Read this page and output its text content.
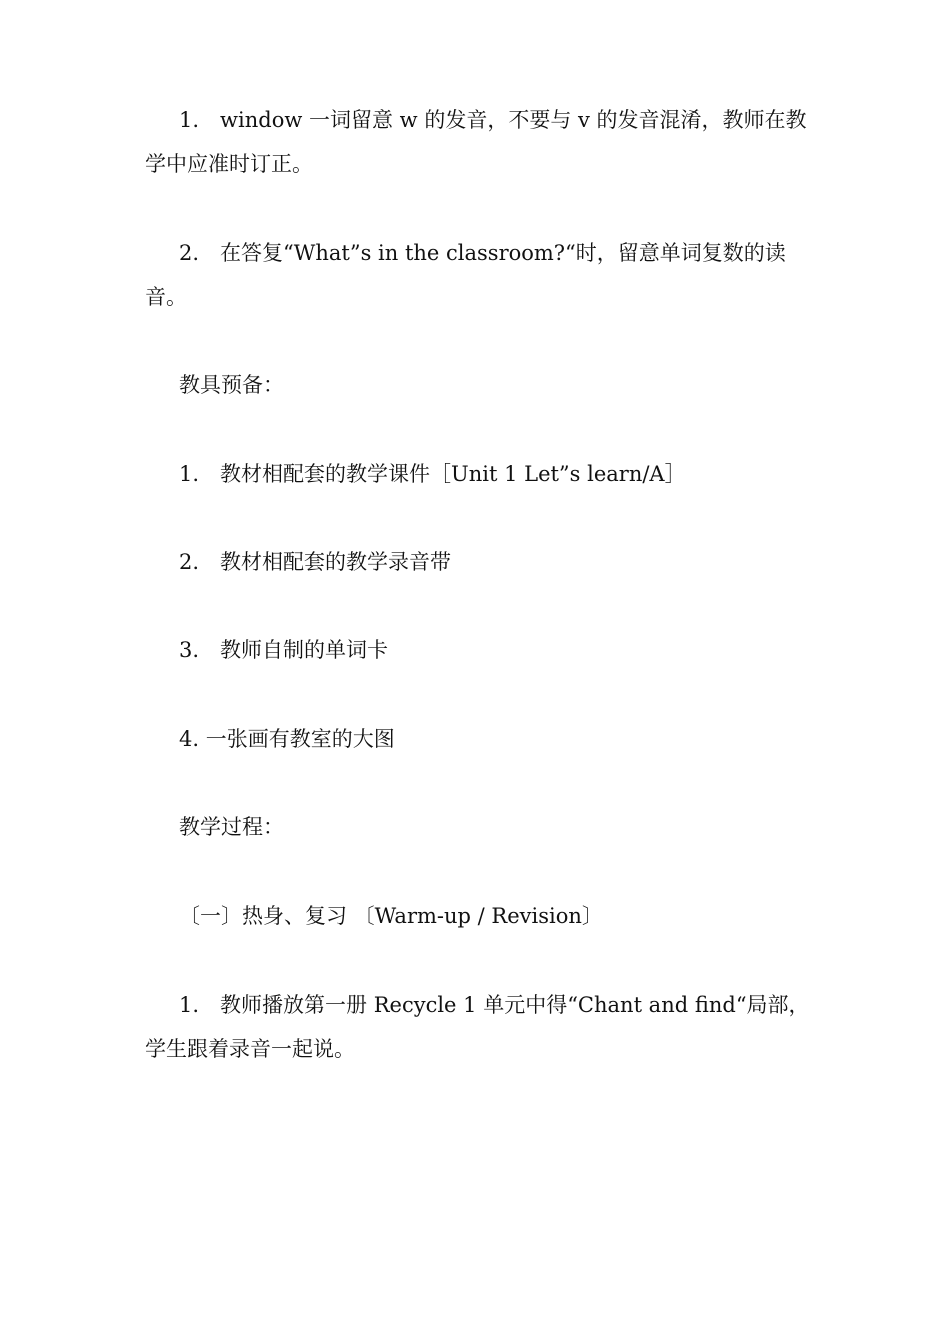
1.　window 一词留意 w 的发音，不要与 v 的发音混淆，教师在教学中应准时订正。

2.　在答复“What”s in the classroom?“时，留意单词复数的读音。

教具预备：

1.　教材相配套的教学课件［Unit 1 Let”s learn/A］

2.　教材相配套的教学录音带

3.　教师自制的单词卡

4. 一张画有教室的大图

教学过程：

〔一〕热身、复习 〔Warm-up / Revision〕

1.　教师播放第一册 Recycle 1 单元中得“Chant and find“局部， 学生跟着录音一起说。
